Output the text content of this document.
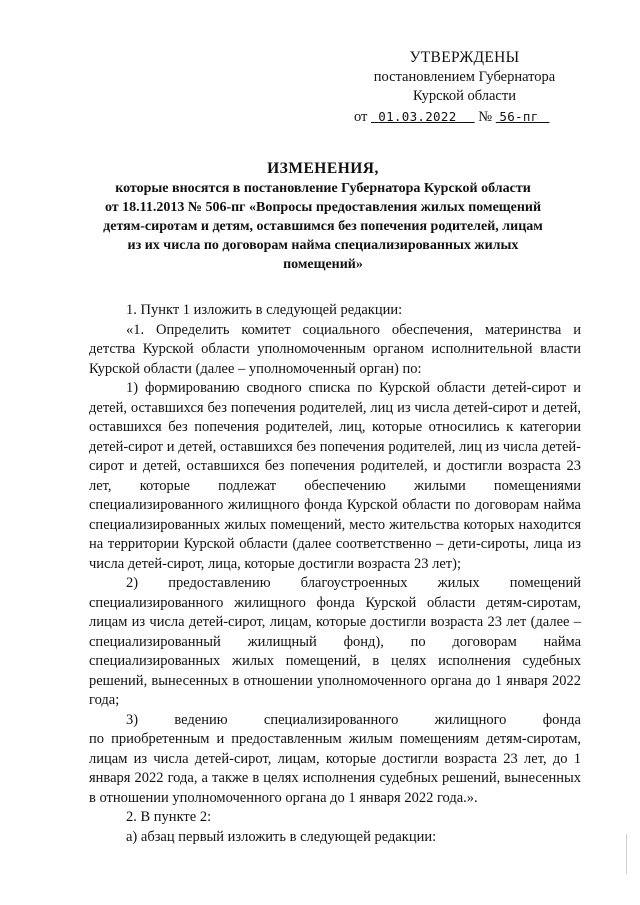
УТВЕРЖДЕНЫ
постановлением Губернатора
Курской области
от 01.03.2022 № 56-пг
ИЗМЕНЕНИЯ,
которые вносятся в постановление Губернатора Курской области
от 18.11.2013 № 506-пг «Вопросы предоставления жилых помещений
детям-сиротам и детям, оставшимся без попечения родителей, лицам
из их числа по договорам найма специализированных жилых
помещений»

1. Пункт 1 изложить в следующей редакции:

«1. Определить комитет социального обеспечения, материнства и детства Курской области уполномоченным органом исполнительной власти Курской области (далее – уполномоченный орган) по:

1) формированию сводного списка по Курской области детей-сирот и детей, оставшихся без попечения родителей, лиц из числа детей-сирот и детей, оставшихся без попечения родителей, лиц, которые относились к категории детей-сирот и детей, оставшихся без попечения родителей, лиц из числа детей-сирот и детей, оставшихся без попечения родителей, и достигли возраста 23 лет, которые подлежат обеспечению жилыми помещениями специализированного жилищного фонда Курской области по договорам найма специализированных жилых помещений, место жительства которых находится на территории Курской области (далее соответственно – дети-сироты, лица из числа детей-сирот, лица, которые достигли возраста 23 лет);

2) предоставлению благоустроенных жилых помещений специализированного жилищного фонда Курской области детям-сиротам, лицам из числа детей-сирот, лицам, которые достигли возраста 23 лет (далее – специализированный жилищный фонд), по договорам найма специализированных жилых помещений, в целях исполнения судебных решений, вынесенных в отношении уполномоченного органа до 1 января 2022 года;

3) ведению специализированного жилищного фонда

по приобретенным и предоставленным жилым помещениям детям-сиротам, лицам из числа детей-сирот, лицам, которые достигли возраста 23 лет, до 1 января 2022 года, а также в целях исполнения судебных решений, вынесенных в отношении уполномоченного органа до 1 января 2022 года.».

2. В пункте 2:

а) абзац первый изложить в следующей редакции:
